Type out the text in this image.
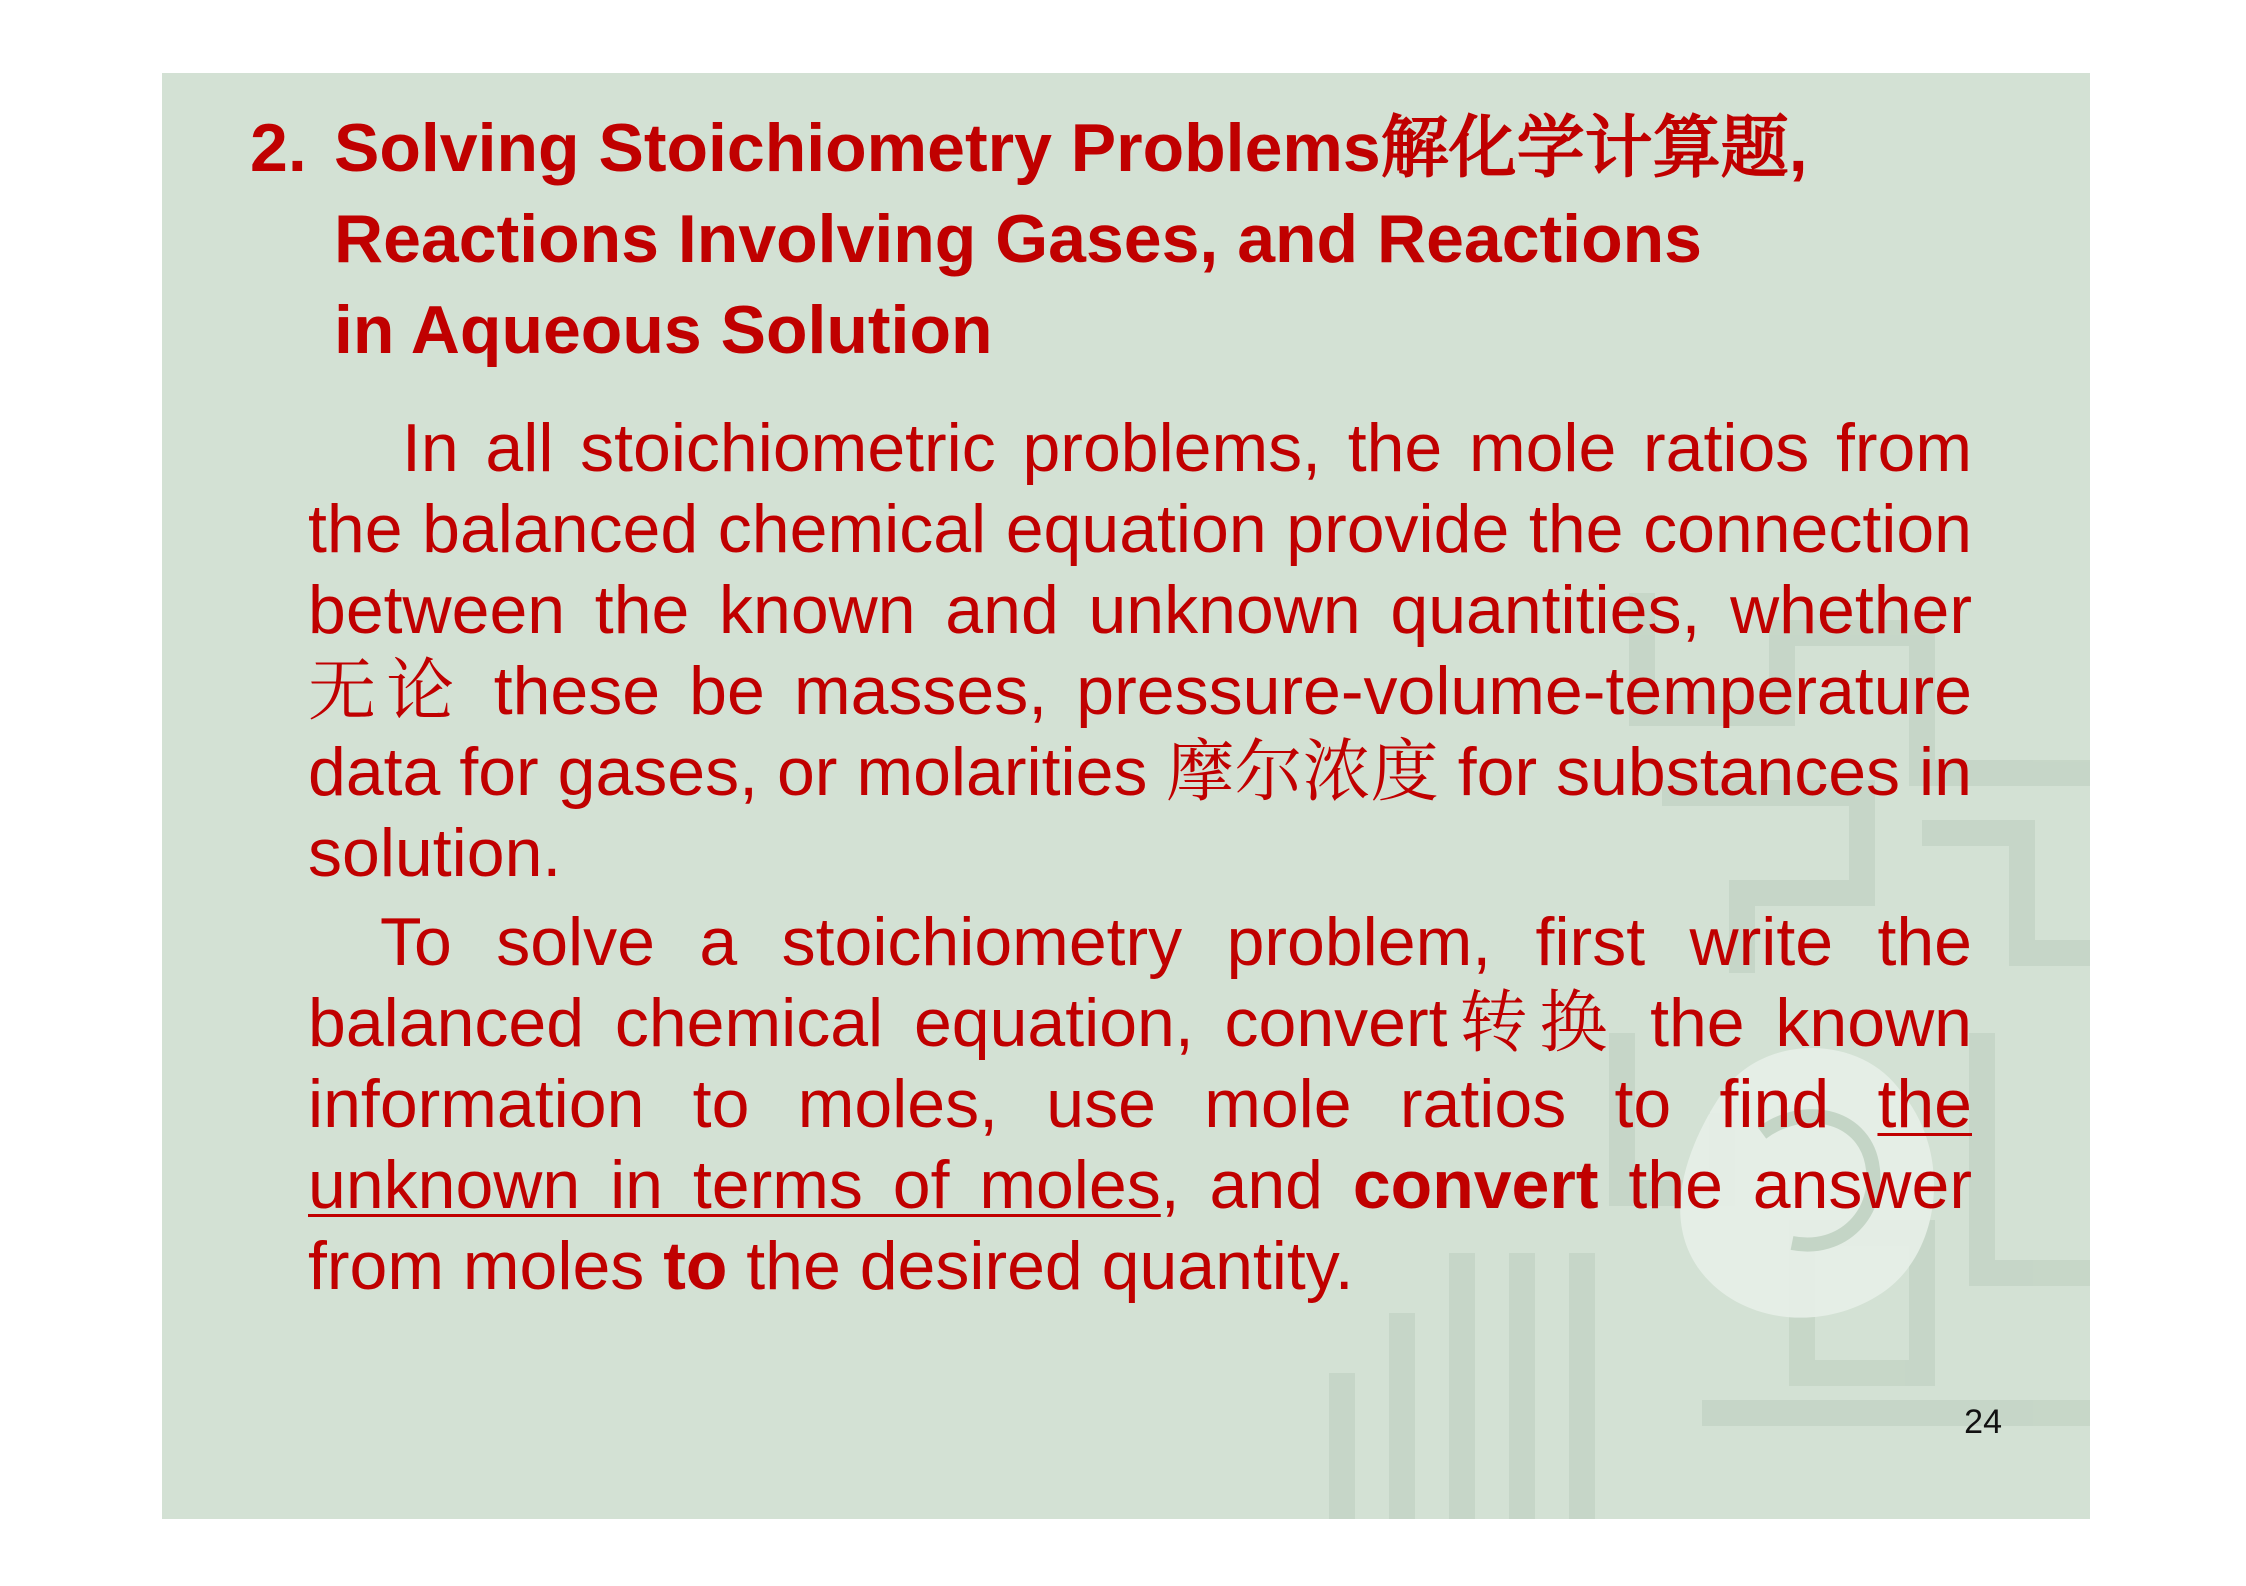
2. Solving Stoichiometry Problems解化学计算题,
Reactions Involving Gases, and Reactions
in Aqueous Solution

In all stoichiometric problems, the mole ratios from the balanced chemical equation provide the connection between the known and unknown quantities, whether 无论 these be masses, pressure-volume-temperature data for gases, or molarities 摩尔浓度 for substances in solution.

To solve a stoichiometry problem, first write the balanced chemical equation, convert转换 the known information to moles, use mole ratios to find the unknown in terms of moles, and convert the answer from moles to the desired quantity.

24
